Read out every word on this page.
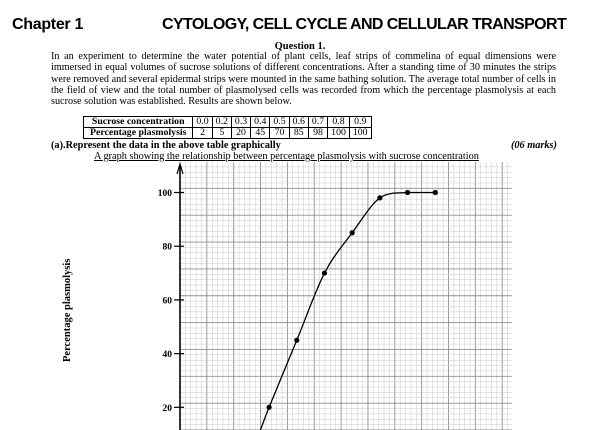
Chapter 1	CYTOLOGY, CELL CYCLE AND CELLULAR TRANSPORT
Question 1.
In an experiment to determine the water potential of plant cells, leaf strips of commelina of equal dimensions were immersed in equal volumes of sucrose solutions of different concentrations. After a standing time of 30 minutes the strips were removed and several epidermal strips were mounted in the same bathing solution. The average total number of cells in the field of view and the total number of plasmolysed cells was recorded from which the percentage plasmolysis at each sucrose solution was established. Results are shown below.
Sucrose concentration	0.0	0.2	0.3	0.4	0.5	0.6	0.7	0.8	0.9
Percentage plasmolysis	2	5	20	45	70	85	98	100	100
(a).Represent the data in the above table graphically	(06 marks)
A graph showing the relationship between percentage plasmolysis with sucrose concentration
20
40
60
80
100
Percentage plasmolysis
